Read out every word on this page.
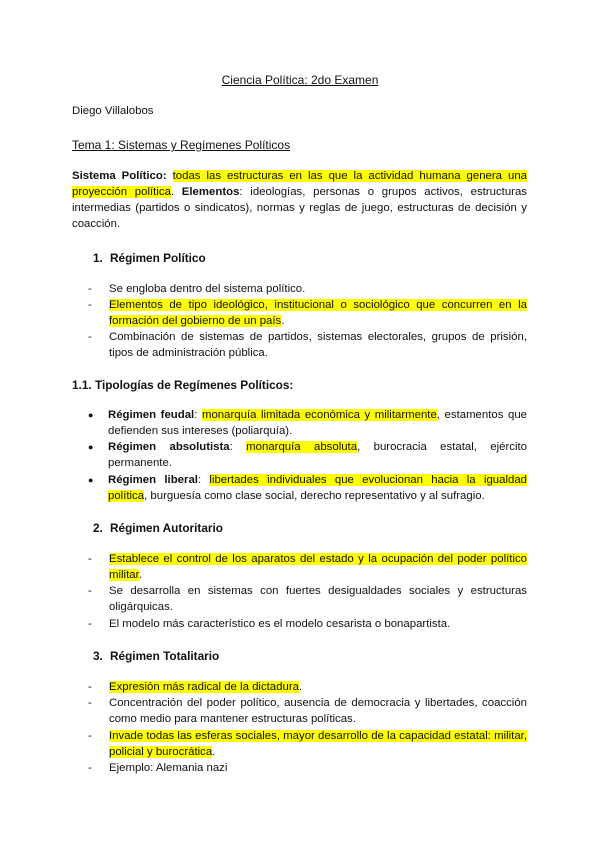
Ciencia Política: 2do Examen
Diego Villalobos
Tema 1: Sistemas y Regímenes Políticos
Sistema Político: todas las estructuras en las que la actividad humana genera una proyección política. Elementos: ideologías, personas o grupos activos, estructuras intermedias (partidos o sindicatos), normas y reglas de juego, estructuras de decisión y coacción.
1. Régimen Político
- Se engloba dentro del sistema político.
- Elementos de tipo ideológico, institucional o sociológico que concurren en la formación del gobierno de un país.
- Combinación de sistemas de partidos, sistemas electorales, grupos de prisión, tipos de administración pública.
1.1. Tipologías de Regímenes Políticos:
● Régimen feudal: monarquía limitada económica y militarmente, estamentos que defienden sus intereses (poliarquía).
● Régimen absolutista: monarquía absoluta, burocracia estatal, ejército permanente.
● Régimen liberal: libertades individuales que evolucionan hacia la igualdad política, burguesía como clase social, derecho representativo y al sufragio.
2. Régimen Autoritario
- Establece el control de los aparatos del estado y la ocupación del poder político militar.
- Se desarrolla en sistemas con fuertes desigualdades sociales y estructuras oligárquicas.
- El modelo más característico es el modelo cesarista o bonapartista.
3. Régimen Totalitario
- Expresión más radical de la dictadura.
- Concentración del poder político, ausencia de democracia y libertades, coacción como medio para mantener estructuras políticas.
- Invade todas las esferas sociales, mayor desarrollo de la capacidad estatal: militar, policial y burocrática.
- Ejemplo: Alemania nazi
